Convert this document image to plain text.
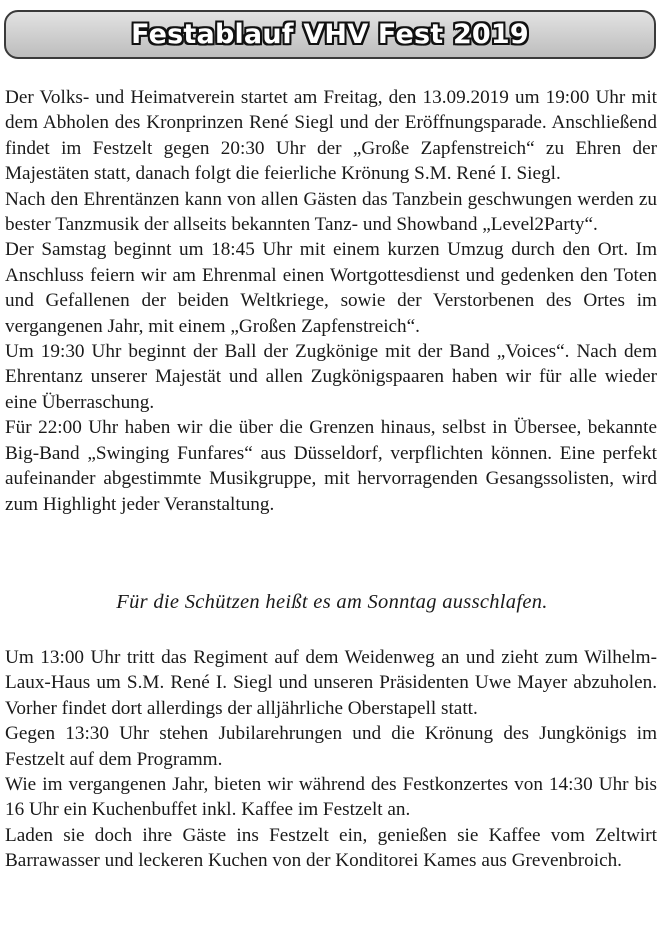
Festablauf VHV Fest 2019

Der Volks- und Heimatverein startet am Freitag, den 13.09.2019 um 19:00 Uhr mit dem Abholen des Kronprinzen René Siegl und der Eröffnungsparade. Anschließend findet im Festzelt gegen 20:30 Uhr der „Große Zapfenstreich“ zu Ehren der Majestäten statt, danach folgt die feierliche Krönung S.M. René I. Siegl.

Nach den Ehrentänzen kann von allen Gästen das Tanzbein geschwungen werden zu bester Tanzmusik der allseits bekannten Tanz- und Showband „Level2Party“.

Der Samstag beginnt um 18:45 Uhr mit einem kurzen Umzug durch den Ort. Im Anschluss feiern wir am Ehrenmal einen Wortgottesdienst und gedenken den Toten und Gefallenen der beiden Weltkriege, sowie der Verstorbenen des Ortes im vergangenen Jahr, mit einem „Großen Zapfenstreich“.

Um 19:30 Uhr beginnt der Ball der Zugkönige mit der Band „Voices“. Nach dem Ehrentanz unserer Majestät und allen Zugkönigspaaren haben wir für alle wieder eine Überraschung.

Für 22:00 Uhr haben wir die über die Grenzen hinaus, selbst in Übersee, bekannte Big-Band „Swinging Funfares“ aus Düsseldorf, verpflichten können. Eine perfekt aufeinander abgestimmte Musikgruppe, mit hervorragenden Gesangssolisten, wird zum Highlight jeder Veranstaltung.

Für die Schützen heißt es am Sonntag ausschlafen.

Um 13:00 Uhr tritt das Regiment auf dem Weidenweg an und zieht zum Wilhelm-Laux-Haus um S.M. René I. Siegl und unseren Präsidenten Uwe Mayer abzuholen. Vorher findet dort allerdings der alljährliche Oberstapell statt.

Gegen 13:30 Uhr stehen Jubilarehrungen und die Krönung des Jungkönigs im Festzelt auf dem Programm.

Wie im vergangenen Jahr, bieten wir während des Festkonzertes von 14:30 Uhr bis 16 Uhr ein Kuchenbuffet inkl. Kaffee im Festzelt an.

Laden sie doch ihre Gäste ins Festzelt ein, genießen sie Kaffee vom Zeltwirt Barrawasser und leckeren Kuchen von der Konditorei Kames aus Grevenbroich.
